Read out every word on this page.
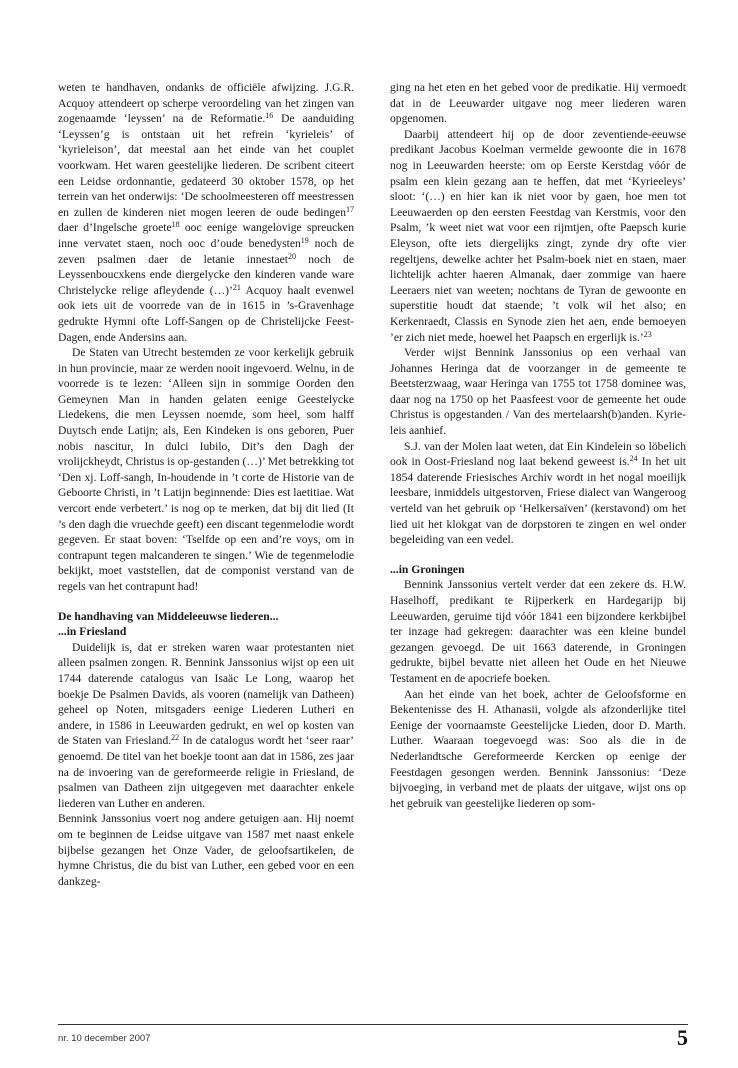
weten te handhaven, ondanks de officiële afwijzing. J.G.R. Acquoy attendeert op scherpe veroordeling van het zingen van zogenaamde ‘leyssen’ na de Reformatie.$^{16}$ De aanduiding ‘Leyssen’g is ontstaan uit het refrein ‘kyrieleis’ of ‘kyrieleison’, dat meestal aan het einde van het couplet voorkwam. Het waren geestelijke liederen. De scribent citeert een Leidse ordonnantie, gedateerd 30 oktober 1578, op het terrein van het onderwijs: ‘De schoolmeesteren off meestressen en zullen de kinderen niet mogen leeren de oude bedingen$^{17}$ daer d’Ingelsche groete$^{18}$ ooc eenige wangelovige spreucken inne vervatet staen, noch ooc d’oude benedysten$^{19}$ noch de zeven psalmen daer de letanie innestaet$^{20}$ noch de Leyssenboucxkens ende diergelycke den kinderen vande ware Christelycke relige afleydende (…)’$^{21}$ Acquoy haalt evenwel ook iets uit de voorrede van de in 1615 in ’s-Gravenhage gedrukte Hymni ofte Loff-Sangen op de Christelijcke Feest-Dagen, ende Andersins aan.

De Staten van Utrecht bestemden ze voor kerkelijk gebruik in hun provincie, maar ze werden nooit ingevoerd. Welnu, in de voorrede is te lezen: ‘Alleen sijn in sommige Oorden den Gemeynen Man in handen gelaten eenige Geestelycke Liedekens, die men Leyssen noemde, som heel, som halff Duytsch ende Latijn; als, Een Kindeken is ons geboren, Puer nobis nascitur, In dulci Iubilo, Dit’s den Dagh der vrolijckheydt, Christus is op-gestanden (…)’ Met betrekking tot ‘Den xj. Loff-sangh, In-houdende in ’t corte de Historie van de Geboorte Christi, in ’t Latijn beginnende: Dies est laetitiae. Wat vercort ende verbetert.’ is nog op te merken, dat bij dit lied (It ’s den dagh die vruechde geeft) een discant tegenmelodie wordt gegeven. Er staat boven: ‘Tselfde op een and’re voys, om in contrapunt tegen malcanderen te singen.’ Wie de tegenmelodie bekijkt, moet vaststellen, dat de componist verstand van de regels van het contrapunt had!

De handhaving van Middeleeuwse liederen...
...in Friesland

Duidelijk is, dat er streken waren waar protestanten niet alleen psalmen zongen. R. Bennink Janssonius wijst op een uit 1744 daterende catalogus van Isaäc Le Long, waarop het boekje De Psalmen Davids, als vooren (namelijk van Datheen) geheel op Noten, mitsgaders eenige Liederen Lutheri en andere, in 1586 in Leeuwarden gedrukt, en wel op kosten van de Staten van Friesland.$^{22}$ In de catalogus wordt het ‘seer raar’ genoemd. De titel van het boekje toont aan dat in 1586, zes jaar na de invoering van de gereformeerde religie in Friesland, de psalmen van Datheen zijn uitgegeven met daarachter enkele liederen van Luther en anderen.

Bennink Janssonius voert nog andere getuigen aan. Hij noemt om te beginnen de Leidse uitgave van 1587 met naast enkele bijbelse gezangen het Onze Vader, de geloofsartikelen, de hymne Christus, die du bist van Luther, een gebed voor en een dankzeg-

ging na het eten en het gebed voor de predikatie. Hij vermoedt dat in de Leeuwarder uitgave nog meer liederen waren opgenomen.

Daarbij attendeert hij op de door zeventiende-eeuwse predikant Jacobus Koelman vermelde gewoonte die in 1678 nog in Leeuwarden heerste: om op Eerste Kerstdag vóór de psalm een klein gezang aan te heffen, dat met ‘Kyrieeleys’ sloot: ‘(…) en hier kan ik niet voor by gaen, hoe men tot Leeuwaerden op den eersten Feestdag van Kerstmis, voor den Psalm, ’k weet niet wat voor een rijmtjen, ofte Paepsch kurie Eleyson, ofte iets diergelijks zingt, zynde dry ofte vier regeltjens, dewelke achter het Psalm-boek niet en staen, maer lichtelijk achter haeren Almanak, daer zommige van haere Leeraers niet van weeten; nochtans de Tyran de gewoonte en superstitie houdt dat staende; ’t volk wil het also; en Kerkenraedt, Classis en Synode zien het aen, ende bemoeyen ’er zich niet mede, hoewel het Paapsch en ergerlijk is.’$^{23}$

Verder wijst Bennink Janssonius op een verhaal van Johannes Heringa dat de voorzanger in de gemeente te Beetsterzwaag, waar Heringa van 1755 tot 1758 dominee was, daar nog na 1750 op het Paasfeest voor de gemeente het oude Christus is opgestanden / Van des mertelaarsh(b)anden. Kyrie-leis aanhief.

S.J. van der Molen laat weten, dat Ein Kindelein so löbelich ook in Oost-Friesland nog laat bekend geweest is.$^{24}$ In het uit 1854 daterende Friesisches Archiv wordt in het nogal moeilijk leesbare, inmiddels uitgestorven, Friese dialect van Wangeroog verteld van het gebruik op ‘Helkersaïven’ (kerstavond) om het lied uit het klokgat van de dorpstoren te zingen en wel onder begeleiding van een vedel.

...in Groningen

Bennink Janssonius vertelt verder dat een zekere ds. H.W. Haselhoff, predikant te Rijperkerk en Hardegarijp bij Leeuwarden, geruime tijd vóór 1841 een bijzondere kerkbijbel ter inzage had gekregen: daarachter was een kleine bundel gezangen gevoegd. De uit 1663 daterende, in Groningen gedrukte, bijbel bevatte niet alleen het Oude en het Nieuwe Testament en de apocriefe boeken.

Aan het einde van het boek, achter de Geloofsforme en Bekentenisse des H. Athanasii, volgde als afzonderlijke titel Eenige der voornaamste Geestelijcke Lieden, door D. Marth. Luther. Waaraan toegevoegd was: Soo als die in de Nederlandtsche Gereformeerde Kercken op eenige der Feestdagen gesongen werden. Bennink Janssonius: ‘Deze bijvoeging, in verband met de plaats der uitgave, wijst ons op het gebruik van geestelijke liederen op som-

nr. 10 december 2007	5
